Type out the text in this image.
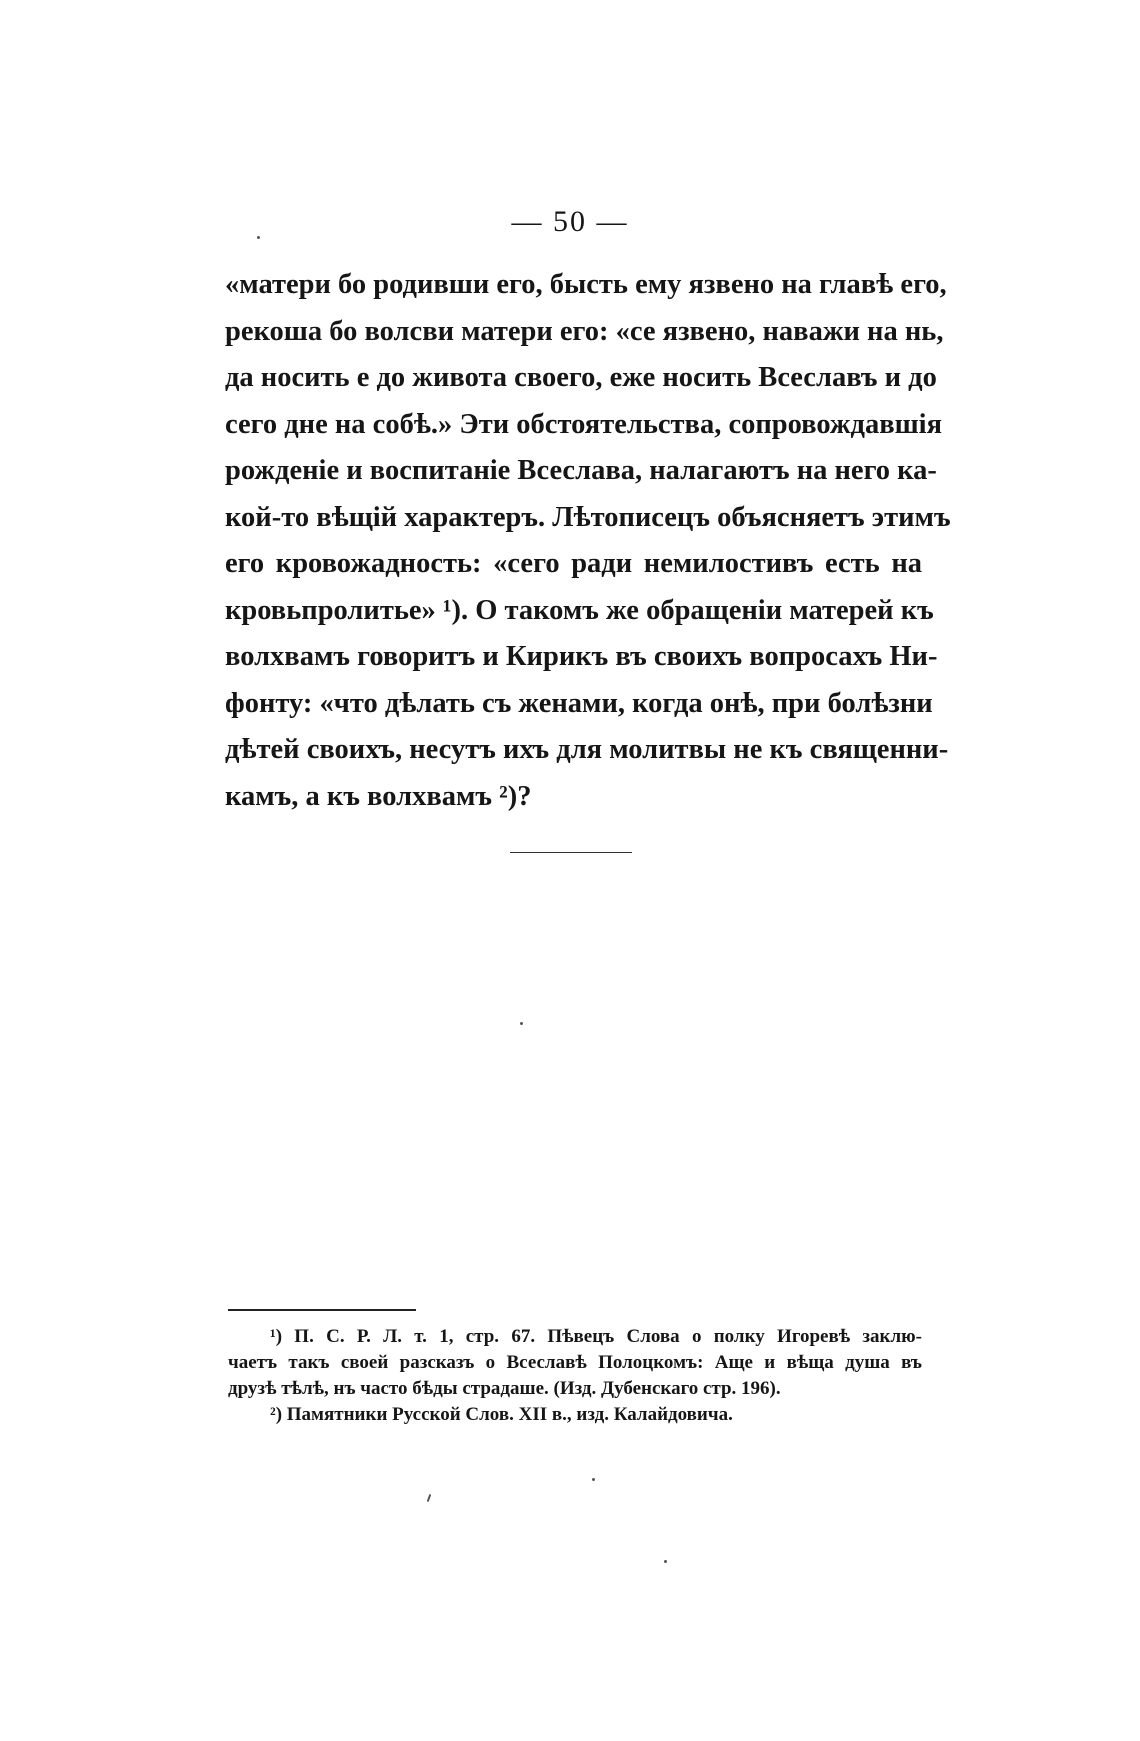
— 50 —
«матери бо родивши его, бысть ему язвено на главѣ его,
рекоша бо волсви матери его: «се язвено, наважи на нь,
да носить е до живота своего, еже носить Всеславъ и до
сего дне на собѣ.» Эти обстоятельства, сопровождавшія
рожденіе и воспитаніе Всеслава, налагаютъ на него ка-
кой-то вѣщій характеръ. Лѣтописецъ объясняетъ этимъ
его кровожадность: «сего ради немилостивъ есть на
кровьпролитье» ¹). О такомъ же обращеніи матерей къ
волхвамъ говоритъ и Кирикъ въ своихъ вопросахъ Ни-
фонту: «что дѣлать съ женами, когда онѣ, при болѣзни
дѣтей своихъ, несутъ ихъ для молитвы не къ священни-
камъ, а къ волхвамъ ²)?
¹) П. С. Р. Л. т. 1, стр. 67. Пѣвецъ Слова о полку Игоревѣ заклю-
чаетъ такъ своей разсказъ о Всеславѣ Полоцкомъ: Аще и вѣща душа въ
друзѣ тѣлѣ, нъ часто бѣды страдаше. (Изд. Дубенскаго стр. 196).
²) Памятники Русской Слов. XII в., изд. Калайдовича.
